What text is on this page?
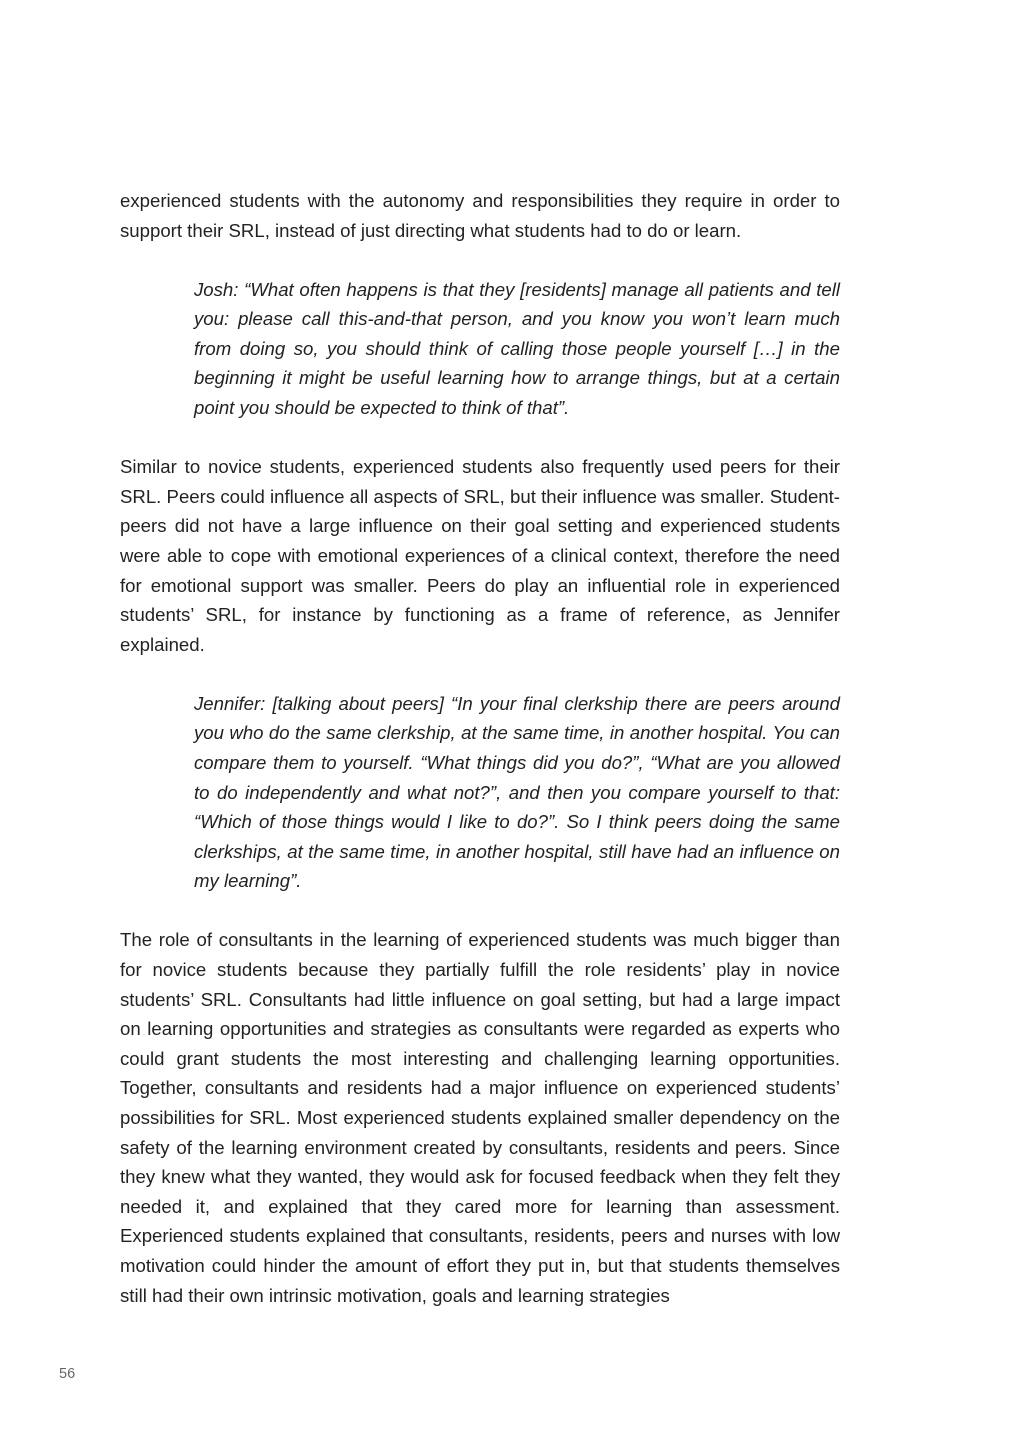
experienced students with the autonomy and responsibilities they require in order to support their SRL, instead of just directing what students had to do or learn.

Josh: “What often happens is that they [residents] manage all patients and tell you: please call this-and-that person, and you know you won’t learn much from doing so, you should think of calling those people yourself […] in the beginning it might be useful learning how to arrange things, but at a certain point you should be expected to think of that”.

Similar to novice students, experienced students also frequently used peers for their SRL. Peers could influence all aspects of SRL, but their influence was smaller. Student-peers did not have a large influence on their goal setting and experienced students were able to cope with emotional experiences of a clinical context, therefore the need for emotional support was smaller. Peers do play an influential role in experienced students’ SRL, for instance by functioning as a frame of reference, as Jennifer explained.

Jennifer: [talking about peers] “In your final clerkship there are peers around you who do the same clerkship, at the same time, in another hospital. You can compare them to yourself. “What things did you do?”, “What are you allowed to do independently and what not?”, and then you compare yourself to that: “Which of those things would I like to do?”. So I think peers doing the same clerkships, at the same time, in another hospital, still have had an influence on my learning”.

The role of consultants in the learning of experienced students was much bigger than for novice students because they partially fulfill the role residents’ play in novice students’ SRL. Consultants had little influence on goal setting, but had a large impact on learning opportunities and strategies as consultants were regarded as experts who could grant students the most interesting and challenging learning opportunities. Together, consultants and residents had a major influence on experienced students’ possibilities for SRL. Most experienced students explained smaller dependency on the safety of the learning environment created by consultants, residents and peers. Since they knew what they wanted, they would ask for focused feedback when they felt they needed it, and explained that they cared more for learning than assessment. Experienced students explained that consultants, residents, peers and nurses with low motivation could hinder the amount of effort they put in, but that students themselves still had their own intrinsic motivation, goals and learning strategies

56
